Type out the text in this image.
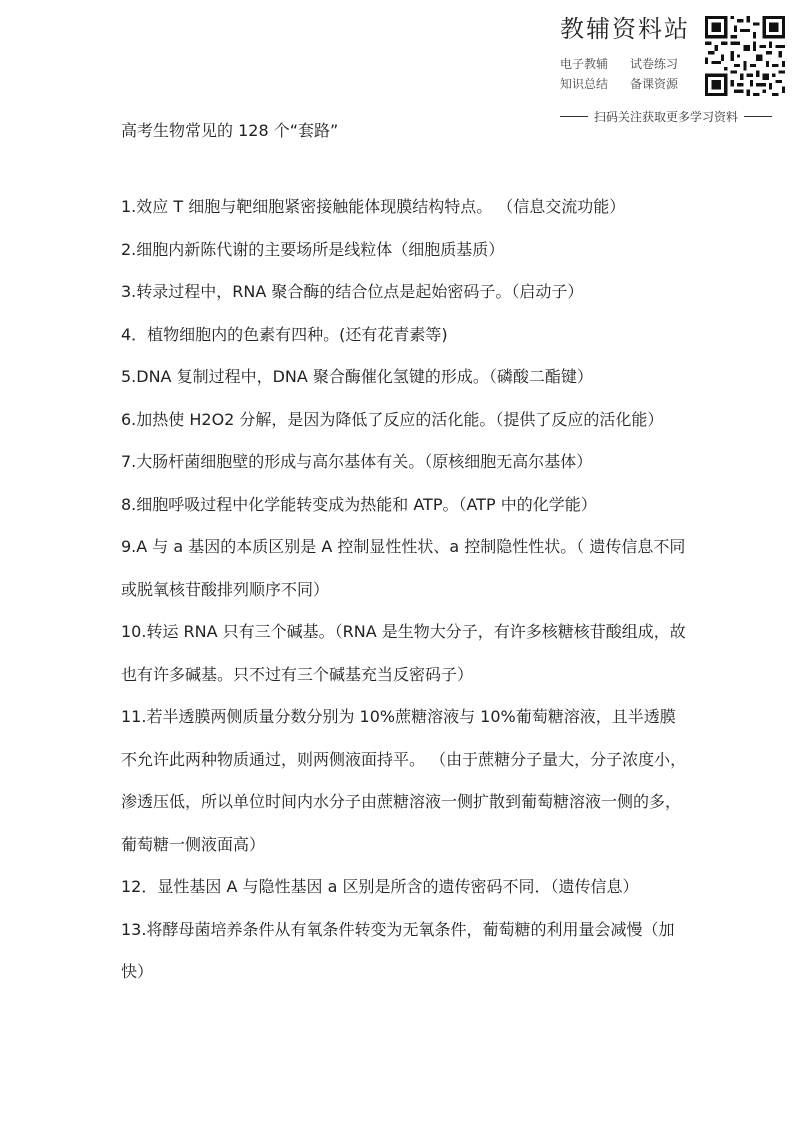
教辅资料站
电子教辅	试卷练习
知识总结	备课资源
扫码关注获取更多学习资料
高考生物常见的 128 个“套路”

1.效应 T 细胞与靶细胞紧密接触能体现膜结构特点。 （信息交流功能）

2.细胞内新陈代谢的主要场所是线粒体（细胞质基质）

3.转录过程中，RNA 聚合酶的结合位点是起始密码子。（启动子）

4．植物细胞内的色素有四种。(还有花青素等)

5.DNA 复制过程中，DNA 聚合酶催化氢键的形成。（磷酸二酯键）

6.加热使 H2O2 分解，是因为降低了反应的活化能。（提供了反应的活化能）

7.大肠杆菌细胞壁的形成与高尔基体有关。（原核细胞无高尔基体）

8.细胞呼吸过程中化学能转变成为热能和 ATP。（ATP 中的化学能）

9.A 与 a 基因的本质区别是 A 控制显性性状、a 控制隐性性状。（ 遗传信息不同或脱氧核苷酸排列顺序不同）

10.转运 RNA 只有三个碱基。（RNA 是生物大分子，有许多核糖核苷酸组成，故也有许多碱基。只不过有三个碱基充当反密码子）

11.若半透膜两侧质量分数分别为 10%蔗糖溶液与 10%葡萄糖溶液，且半透膜不允许此两种物质通过，则两侧液面持平。 （由于蔗糖分子量大，分子浓度小，渗透压低，所以单位时间内水分子由蔗糖溶液一侧扩散到葡萄糖溶液一侧的多，葡萄糖一侧液面高）

12．显性基因 A 与隐性基因 a 区别是所含的遗传密码不同．（遗传信息）

13.将酵母菌培养条件从有氧条件转变为无氧条件，葡萄糖的利用量会减慢（加快）
